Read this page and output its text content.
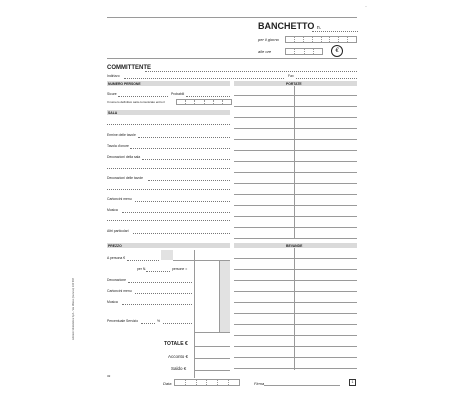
~
BANCHETTO n.
per il giorno
alle ore	€
COMMITTENTE
Indirizzo	Fax
NUMERO PERSONE	PORTATE
Sicure	Probabili
Il numero definitivo sarà comunicato entro il
SALA
Ermine delle tavole
Tavola d'onore
Decorazioni della sala
Decorazioni delle tavole
Cartoncini menu
Musica
Altri particolari
PREZZO	BEVANDE
A persona €
per N.	persone =
Decorazione
Cartoncini menu
Musica
Percentuale Servizio	%
TOTALE €
Acconto €
Saldo €
Edizioni Modulistica SpA - Via Milano (Genova) 134 993
32
Data	Firma	1
